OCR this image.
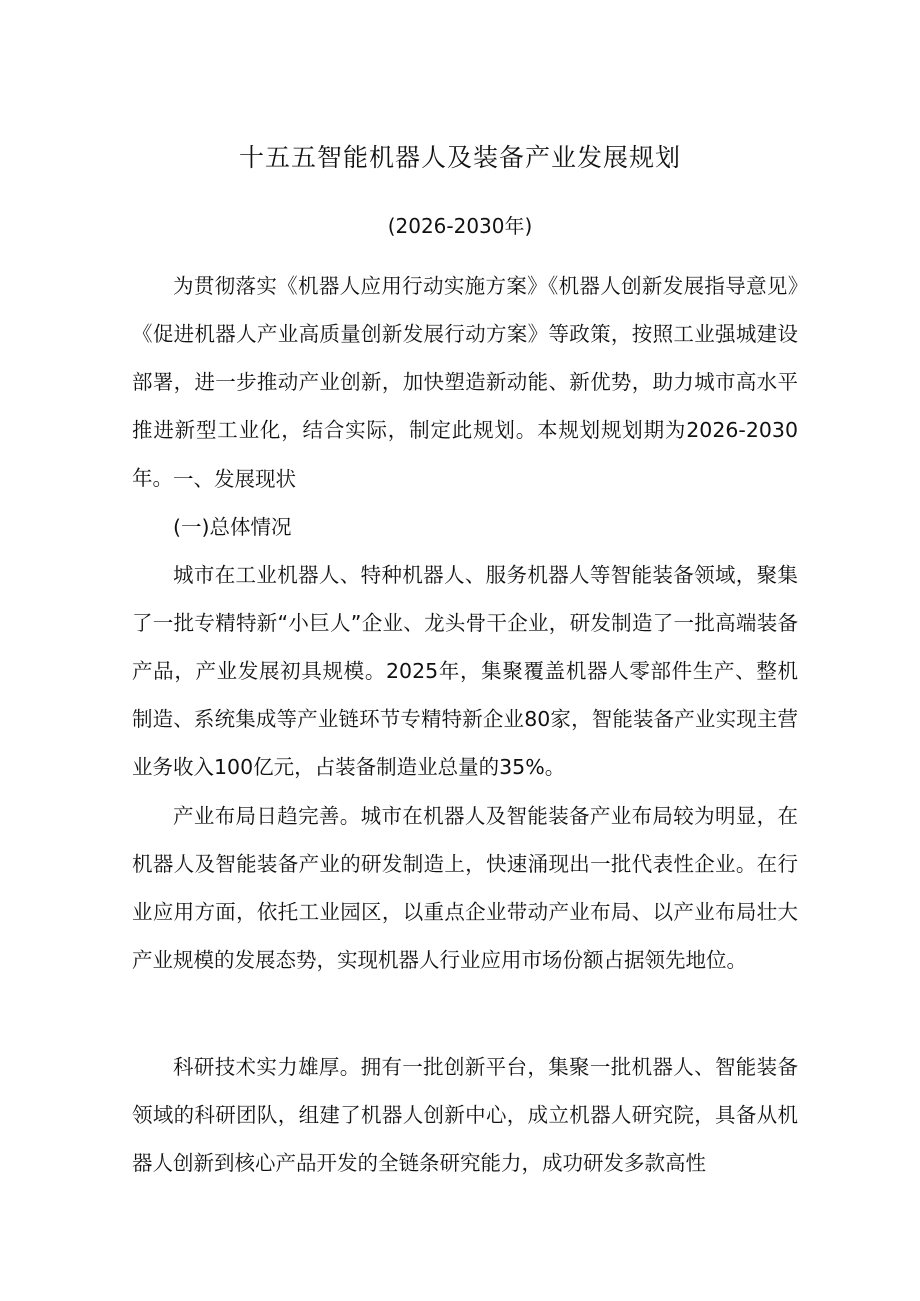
十五五智能机器人及装备产业发展规划
(2026-2030年)

为贯彻落实《机器人应用行动实施方案》《机器人创新发展指导意见》《促进机器人产业高质量创新发展行动方案》等政策，按照工业强城建设部署，进一步推动产业创新，加快塑造新动能、新优势，助力城市高水平推进新型工业化，结合实际，制定此规划。本规划规划期为2026-2030年。 一、发展现状

(一)总体情况

城市在工业机器人、特种机器人、服务机器人等智能装备领域，聚集了一批专精特新“小巨人”企业、龙头骨干企业，研发制造了一批高端装备产品，产业发展初具规模。2025年，集聚覆盖机器人零部件生产、整机制造、系统集成等产业链环节专精特新企业80家，智能装备产业实现主营业务收入100亿元，占装备制造业总量的35%。

产业布局日趋完善。城市在机器人及智能装备产业布局较为明显，在机器人及智能装备产业的研发制造上，快速涌现出一批代表性企业。在行业应用方面，依托工业园区，以重点企业带动产业布局、以产业布局壮大产业规模的发展态势，实现机器人行业应用市场份额占据领先地位。

科研技术实力雄厚。拥有一批创新平台，集聚一批机器人、智能装备领域的科研团队，组建了机器人创新中心，成立机器人研究院，具备从机器人创新到核心产品开发的全链条研究能力，成功研发多款高性
